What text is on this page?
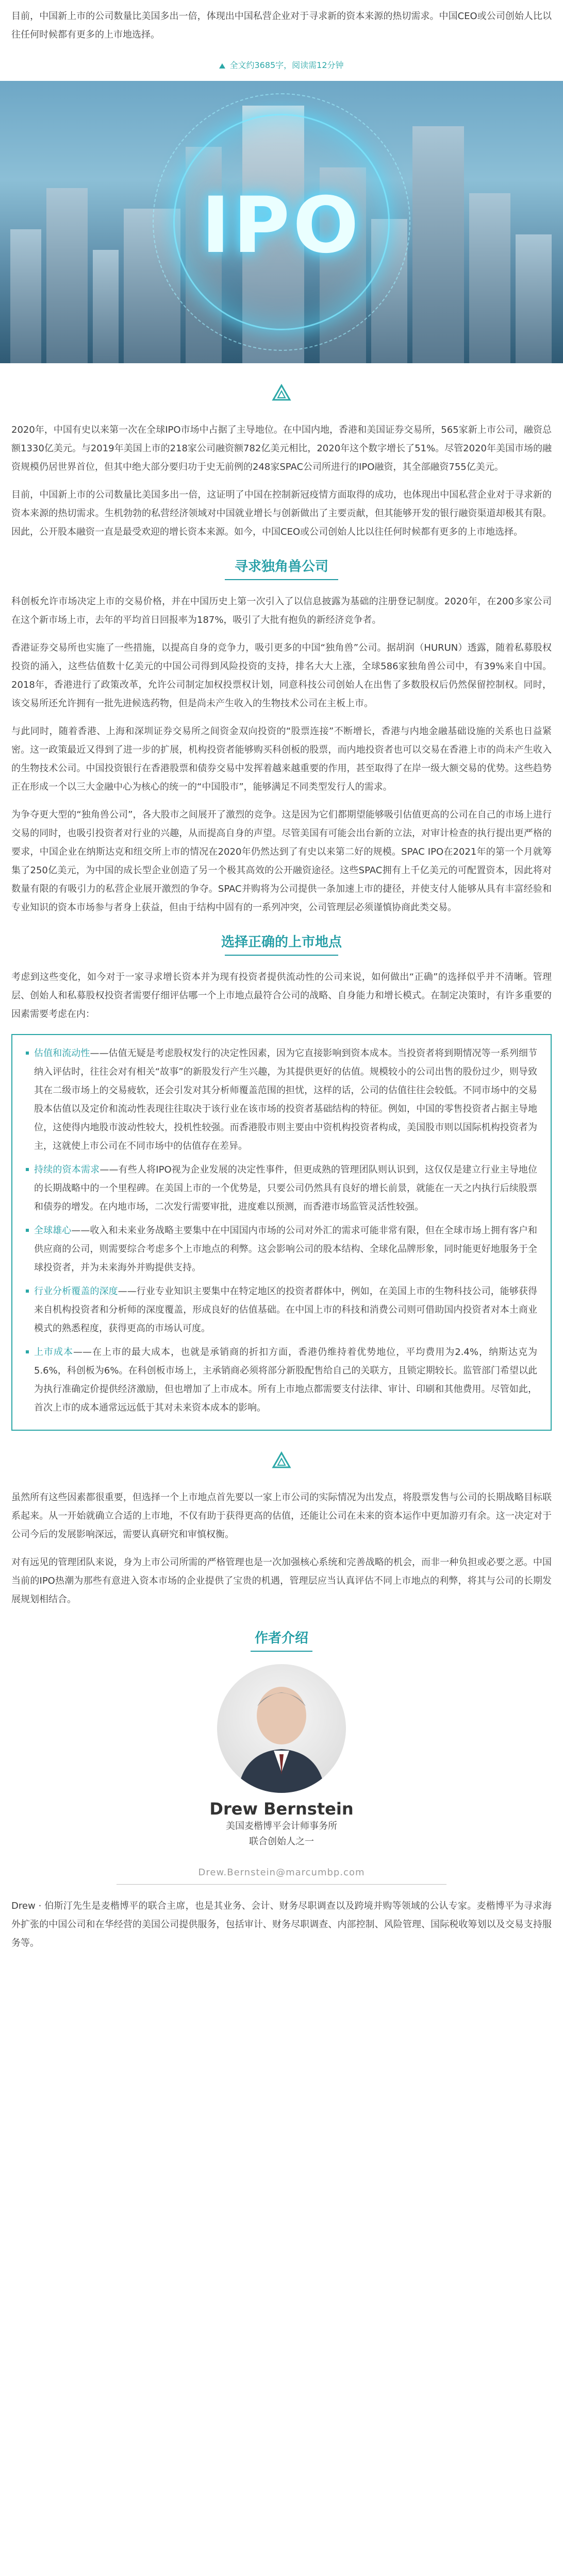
目前，中国新上市的公司数量比美国多出一倍，体现出中国私营企业对于寻求新的资本来源的热切需求。中国CEO或公司创始人比以往任何时候都有更多的上市地选择。

全文约3685字，阅读需12分钟
IPO

2020年，中国有史以来第一次在全球IPO市场中占据了主导地位。在中国内地，香港和美国证券交易所，565家新上市公司，融资总额1330亿美元。与2019年美国上市的218家公司融资额782亿美元相比，2020年这个数字增长了51%。尽管2020年美国市场的融资规模仍居世界首位，但其中绝大部分要归功于史无前例的248家SPAC公司所进行的IPO融资，其全部融资755亿美元。

目前，中国新上市的公司数量比美国多出一倍，这证明了中国在控制新冠疫情方面取得的成功，也体现出中国私营企业对于寻求新的资本来源的热切需求。生机勃勃的私营经济领域对中国就业增长与创新做出了主要贡献，但其能够开发的银行融资渠道却极其有限。因此，公开股本融资一直是最受欢迎的增长资本来源。如今，中国CEO或公司创始人比以往任何时候都有更多的上市地选择。

寻求独角兽公司

科创板允许市场决定上市的交易价格，并在中国历史上第一次引入了以信息披露为基础的注册登记制度。2020年，在200多家公司在这个新市场上市，去年的平均首日回报率为187%，吸引了大批有抱负的新经济竞争者。

香港证券交易所也实施了一些措施，以提高自身的竞争力，吸引更多的中国“独角兽”公司。据胡润（HURUN）透露，随着私募股权投资的涌入，这些估值数十亿美元的中国公司得到风险投资的支持，排名大大上涨，全球586家独角兽公司中，有39%来自中国。2018年，香港进行了政策改革，允许公司制定加权投票权计划，同意科技公司创始人在出售了多数股权后仍然保留控制权。同时，该交易所还允许拥有一批先进候选药物，但是尚未产生收入的生物技术公司在主板上市。

与此同时，随着香港、上海和深圳证券交易所之间资金双向投资的“股票连接”不断增长，香港与内地金融基础设施的关系也日益紧密。这一政策最近又得到了进一步的扩展，机构投资者能够购买科创板的股票，而内地投资者也可以交易在香港上市的尚未产生收入的生物技术公司。中国投资银行在香港股票和债券交易中发挥着越来越重要的作用，甚至取得了在岸一级大额交易的优势。这些趋势正在形成一个以三大金融中心为核心的统一的“中国股市”，能够满足不同类型发行人的需求。

为争夺更大型的“独角兽公司”，各大股市之间展开了激烈的竞争。这是因为它们都期望能够吸引估值更高的公司在自己的市场上进行交易的同时，也吸引投资者对行业的兴趣，从而提高自身的声望。尽管美国有可能会出台新的立法，对审计检查的执行提出更严格的要求，中国企业在纳斯达克和纽交所上市的情况在2020年仍然达到了有史以来第二好的规模。SPAC IPO在2021年的第一个月就筹集了250亿美元，为中国的成长型企业创造了另一个极其高效的公开融资途径。这些SPAC拥有上千亿美元的可配置资本，因此将对数量有限的有吸引力的私营企业展开激烈的争夺。SPAC并购将为公司提供一条加速上市的捷径，并使支付人能够从具有丰富经验和专业知识的资本市场参与者身上获益，但由于结构中固有的一系列冲突，公司管理层必须谨慎协商此类交易。

选择正确的上市地点

考虑到这些变化，如今对于一家寻求增长资本并为现有投资者提供流动性的公司来说，如何做出“正确”的选择似乎并不清晰。管理层、创始人和私募股权投资者需要仔细评估哪一个上市地点最符合公司的战略、自身能力和增长模式。在制定决策时，有许多重要的因素需要考虑在内：

估值和流动性——估值无疑是考虑股权发行的决定性因素，因为它直接影响到资本成本。当投资者将到期情况等一系列细节纳入评估时，往往会对有相关“故事”的新股发行产生兴趣，为其提供更好的估值。规模较小的公司出售的股份过少，则导致其在二级市场上的交易疲软，还会引发对其分析师覆盖范围的担忧，这样的话，公司的估值往往会较低。不同市场中的交易股本估值以及定价和流动性表现往往取决于该行业在该市场的投资者基础结构的特征。例如，中国的零售投资者占据主导地位，这使得内地股市波动性较大，投机性较强。而香港股市则主要由中资机构投资者构成，美国股市则以国际机构投资者为主，这就使上市公司在不同市场中的估值存在差异。

持续的资本需求——有些人将IPO视为企业发展的决定性事件，但更成熟的管理团队则认识到，这仅仅是建立行业主导地位的长期战略中的一个里程碑。在美国上市的一个优势是，只要公司仍然具有良好的增长前景，就能在一天之内执行后续股票和债券的增发。在内地市场，二次发行需要审批，进度难以预测，而香港市场监管灵活性较强。

全球雄心——收入和未来业务战略主要集中在中国国内市场的公司对外汇的需求可能非常有限，但在全球市场上拥有客户和供应商的公司，则需要综合考虑多个上市地点的利弊。这会影响公司的股本结构、全球化品牌形象，同时能更好地服务于全球投资者，并为未来海外并购提供支持。

行业分析覆盖的深度——行业专业知识主要集中在特定地区的投资者群体中，例如，在美国上市的生物科技公司，能够获得来自机构投资者和分析师的深度覆盖，形成良好的估值基础。在中国上市的科技和消费公司则可借助国内投资者对本土商业模式的熟悉程度，获得更高的市场认可度。

上市成本——在上市的最大成本，也就是承销商的折扣方面，香港仍维持着优势地位，平均费用为2.4%，纳斯达克为5.6%，科创板为6%。在科创板市场上，主承销商必须将部分新股配售给自己的关联方，且锁定期较长。监管部门希望以此为执行准确定价提供经济激励，但也增加了上市成本。所有上市地点都需要支付法律、审计、印刷和其他费用。尽管如此，首次上市的成本通常远远低于其对未来资本成本的影响。

虽然所有这些因素都很重要，但选择一个上市地点首先要以一家上市公司的实际情况为出发点，将股票发售与公司的长期战略目标联系起来。从一开始就确立合适的上市地，不仅有助于获得更高的估值，还能让公司在未来的资本运作中更加游刃有余。这一决定对于公司今后的发展影响深远，需要认真研究和审慎权衡。

对有远见的管理团队来说，身为上市公司所需的严格管理也是一次加强核心系统和完善战略的机会，而非一种负担或必要之恶。中国当前的IPO热潮为那些有意进入资本市场的企业提供了宝贵的机遇，管理层应当认真评估不同上市地点的利弊，将其与公司的长期发展规划相结合。

作者介绍
Drew Bernstein
美国麦楷博平会计师事务所
联合创始人之一
Drew.Bernstein@marcumbp.com

Drew · 伯斯汀先生是麦楷博平的联合主席，也是其业务、会计、财务尽职调查以及跨境并购等领域的公认专家。麦楷博平为寻求海外扩张的中国公司和在华经营的美国公司提供服务，包括审计、财务尽职调查、内部控制、风险管理、国际税收筹划以及交易支持服务等。
